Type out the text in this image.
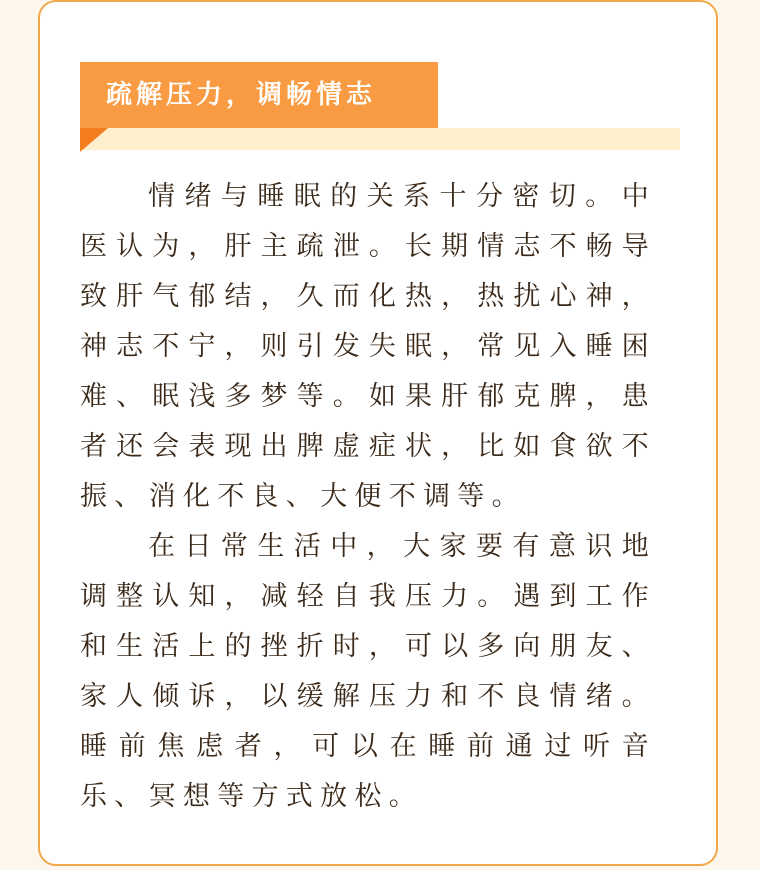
疏解压力，调畅情志

情绪与睡眠的关系十分密切。中医认为，肝主疏泄。长期情志不畅导致肝气郁结，久而化热，热扰心神，神志不宁，则引发失眠，常见入睡困难、眠浅多梦等。如果肝郁克脾，患者还会表现出脾虚症状，比如食欲不振、消化不良、大便不调等。

在日常生活中，大家要有意识地调整认知，减轻自我压力。遇到工作和生活上的挫折时，可以多向朋友、家人倾诉，以缓解压力和不良情绪。睡前焦虑者，可以在睡前通过听音乐、冥想等方式放松。
